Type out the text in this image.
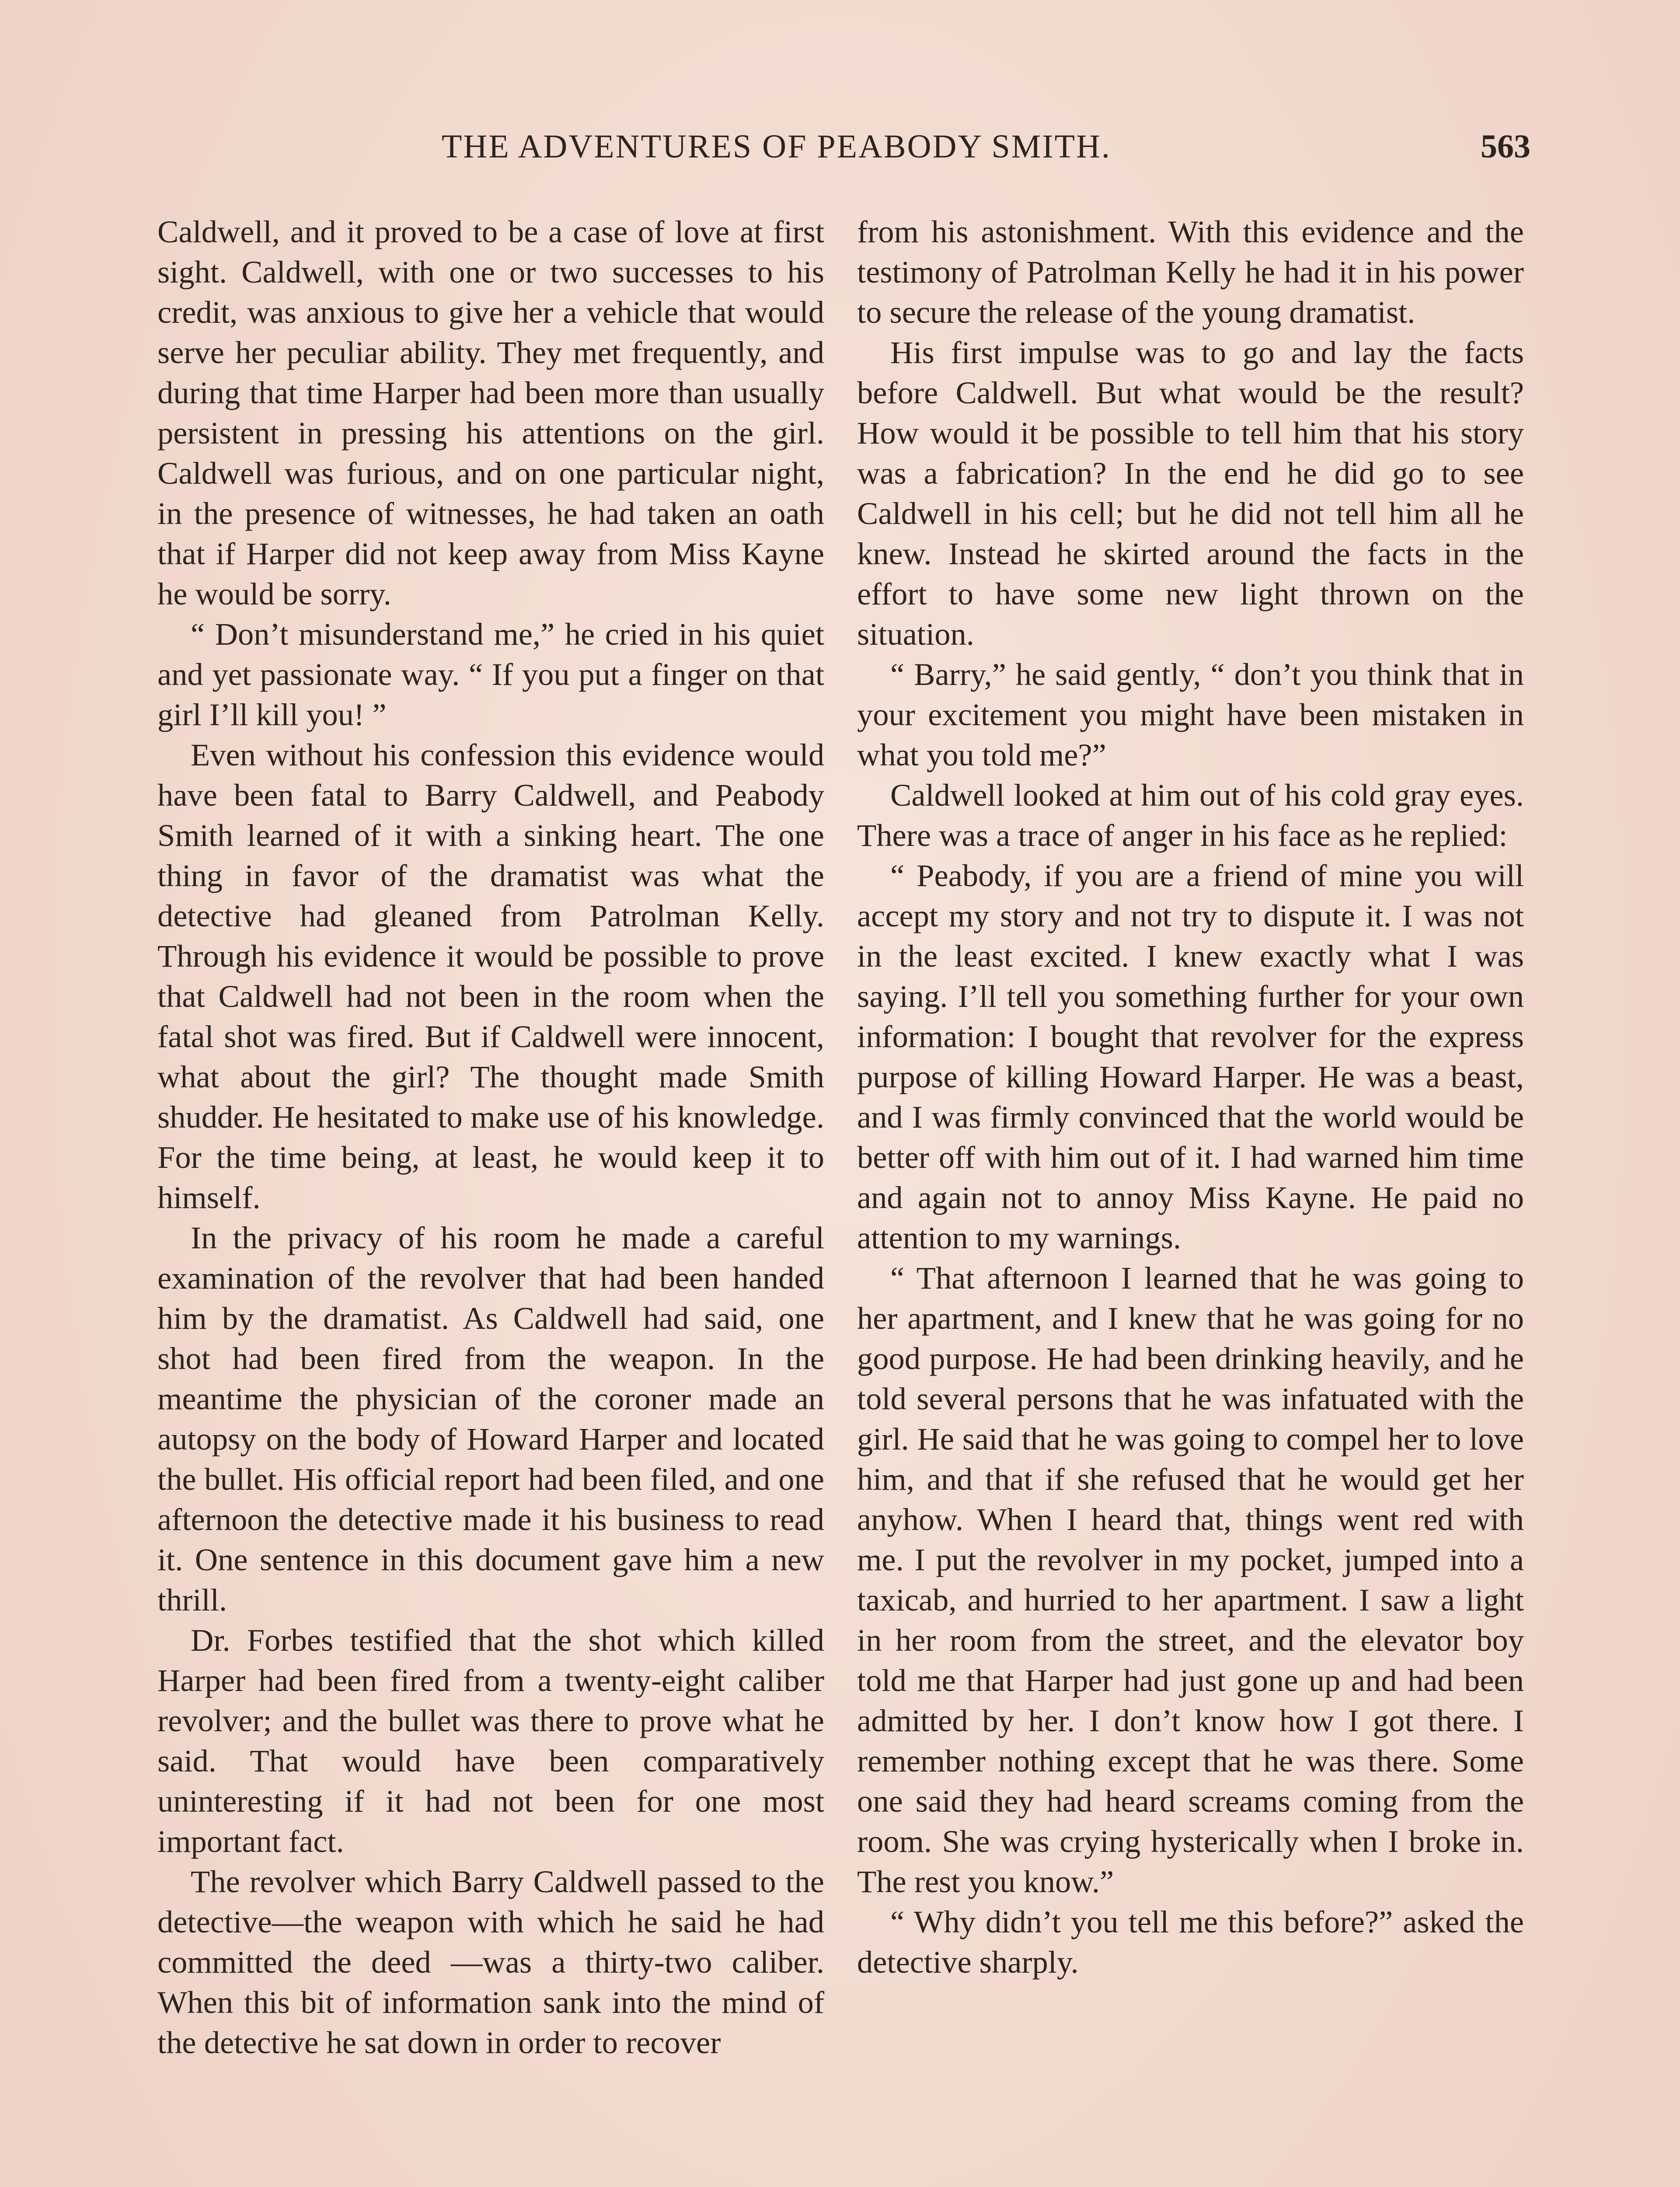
THE ADVENTURES OF PEABODY SMITH.	563

Caldwell, and it proved to be a case of love at first sight. Caldwell, with one or two successes to his credit, was anxious to give her a vehicle that would serve her peculiar ability. They met frequently, and during that time Harper had been more than usually persistent in pressing his attentions on the girl. Caldwell was furious, and on one particular night, in the presence of witnesses, he had taken an oath that if Harper did not keep away from Miss Kayne he would be sorry.

“ Don’t misunderstand me,” he cried in his quiet and yet passionate way. “ If you put a finger on that girl I’ll kill you! ”

Even without his confession this evidence would have been fatal to Barry Caldwell, and Peabody Smith learned of it with a sinking heart. The one thing in favor of the dramatist was what the detective had gleaned from Patrolman Kelly. Through his evidence it would be possible to prove that Caldwell had not been in the room when the fatal shot was fired. But if Caldwell were innocent, what about the girl? The thought made Smith shudder. He hesitated to make use of his knowledge. For the time being, at least, he would keep it to himself.

In the privacy of his room he made a careful examination of the revolver that had been handed him by the dramatist. As Caldwell had said, one shot had been fired from the weapon. In the meantime the physician of the coroner made an autopsy on the body of Howard Harper and located the bullet. His official report had been filed, and one afternoon the detective made it his business to read it. One sentence in this document gave him a new thrill.

Dr. Forbes testified that the shot which killed Harper had been fired from a twenty-eight caliber revolver; and the bullet was there to prove what he said. That would have been comparatively uninteresting if it had not been for one most important fact.

The revolver which Barry Caldwell passed to the detective—the weapon with which he said he had committed the deed —was a thirty-two caliber. When this bit of information sank into the mind of the detective he sat down in order to recover

from his astonishment. With this evidence and the testimony of Patrolman Kelly he had it in his power to secure the release of the young dramatist.

His first impulse was to go and lay the facts before Caldwell. But what would be the result? How would it be possible to tell him that his story was a fabrication? In the end he did go to see Caldwell in his cell; but he did not tell him all he knew. Instead he skirted around the facts in the effort to have some new light thrown on the situation.

“ Barry,” he said gently, “ don’t you think that in your excitement you might have been mistaken in what you told me?”

Caldwell looked at him out of his cold gray eyes. There was a trace of anger in his face as he replied:

“ Peabody, if you are a friend of mine you will accept my story and not try to dispute it. I was not in the least excited. I knew exactly what I was saying. I’ll tell you something further for your own information: I bought that revolver for the express purpose of killing Howard Harper. He was a beast, and I was firmly convinced that the world would be better off with him out of it. I had warned him time and again not to annoy Miss Kayne. He paid no attention to my warnings.

“ That afternoon I learned that he was going to her apartment, and I knew that he was going for no good purpose. He had been drinking heavily, and he told several persons that he was infatuated with the girl. He said that he was going to compel her to love him, and that if she refused that he would get her anyhow. When I heard that, things went red with me. I put the revolver in my pocket, jumped into a taxicab, and hurried to her apartment. I saw a light in her room from the street, and the elevator boy told me that Harper had just gone up and had been admitted by her. I don’t know how I got there. I remember nothing except that he was there. Some one said they had heard screams coming from the room. She was crying hysterically when I broke in. The rest you know.”

“ Why didn’t you tell me this before?” asked the detective sharply.
